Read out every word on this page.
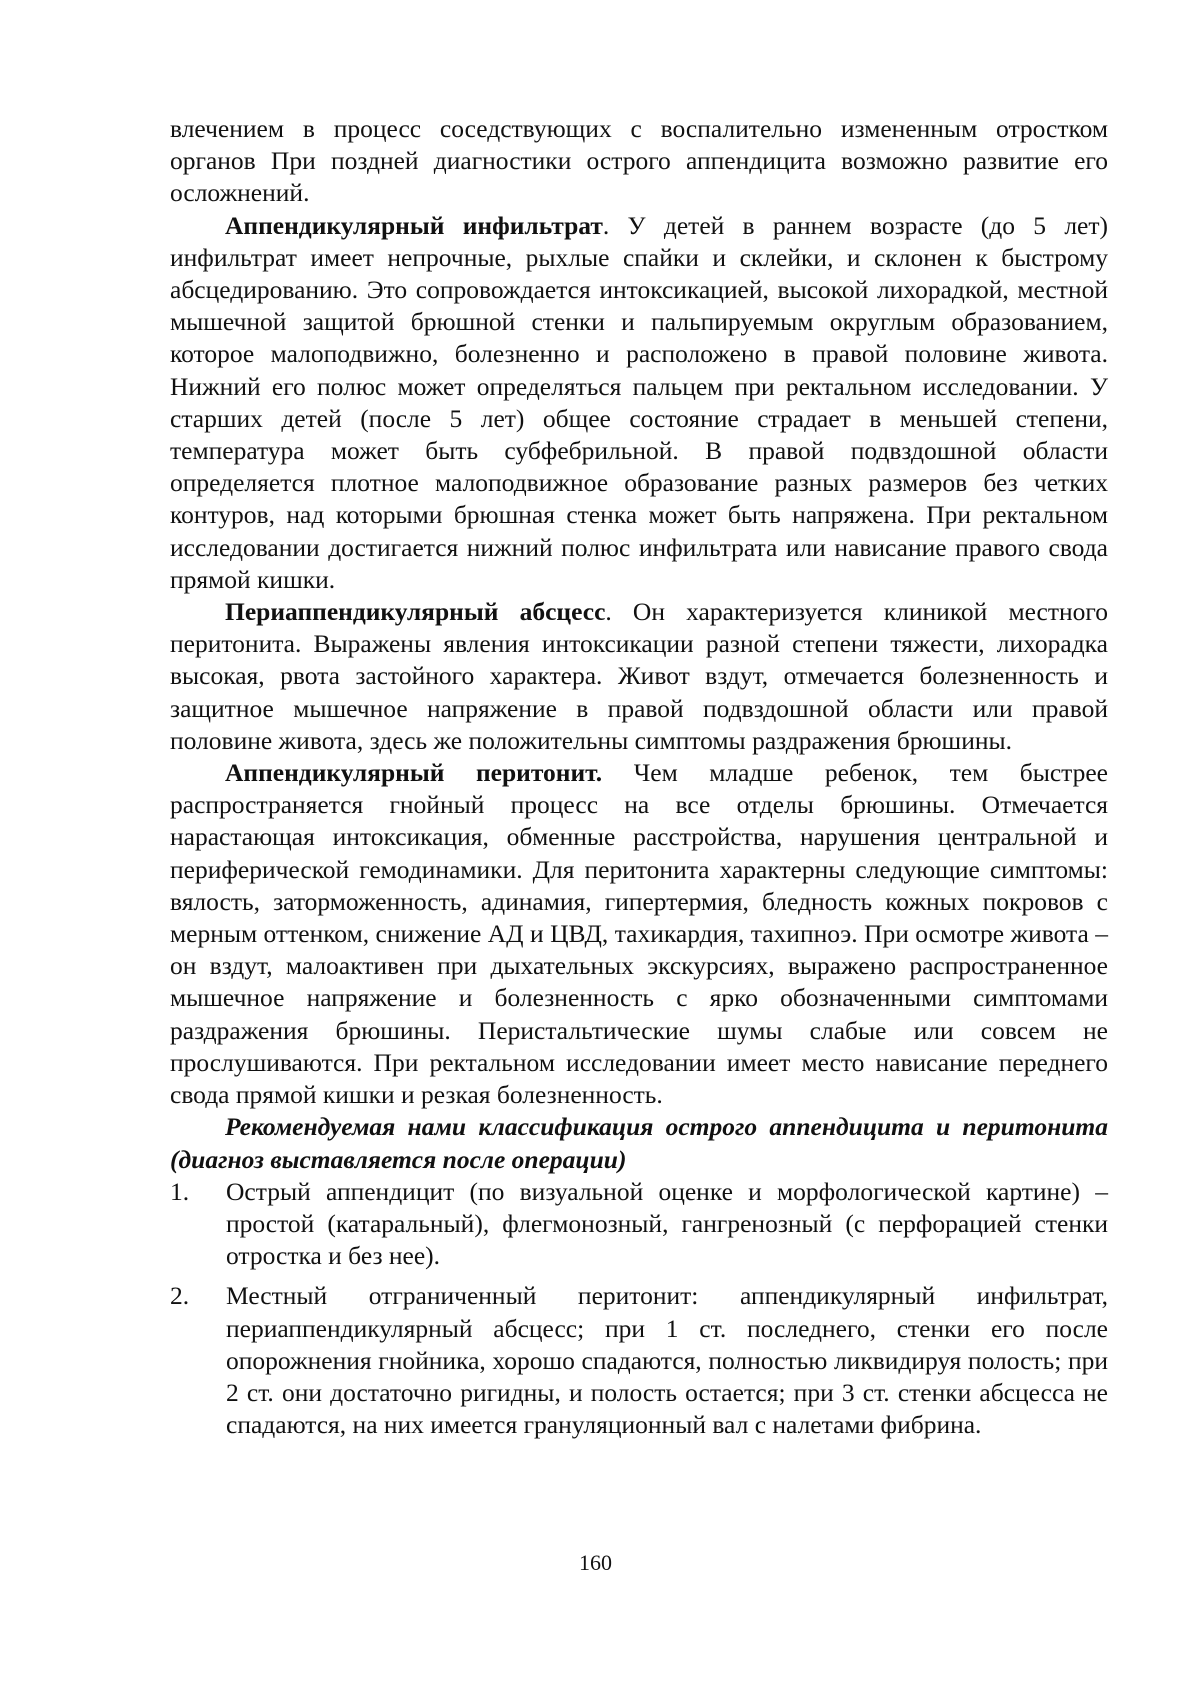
влечением в процесс соседствующих с воспалительно измененным отростком органов При поздней диагностики острого аппендицита возможно развитие его осложнений.

Аппендикулярный инфильтрат. У детей в раннем возрасте (до 5 лет) инфильтрат имеет непрочные, рыхлые спайки и склейки, и склонен к быстрому абсцедированию. Это сопровождается интоксикацией, высокой лихорадкой, местной мышечной защитой брюшной стенки и пальпируемым округлым образованием, которое малоподвижно, болезненно и расположено в правой половине живота. Нижний его полюс может определяться пальцем при ректальном исследовании. У старших детей (после 5 лет) общее состояние страдает в меньшей степени, температура может быть субфебрильной. В правой подвздошной области определяется плотное малоподвижное образование разных размеров без четких контуров, над которыми брюшная стенка может быть напряжена. При ректальном исследовании достигается нижний полюс инфильтрата или нависание правого свода прямой кишки.

Периаппендикулярный абсцесс. Он характеризуется клиникой местного перитонита. Выражены явления интоксикации разной степени тяжести, лихорадка высокая, рвота застойного характера. Живот вздут, отмечается болезненность и защитное мышечное напряжение в правой подвздошной области или правой половине живота, здесь же положительны симптомы раздражения брюшины.

Аппендикулярный перитонит. Чем младше ребенок, тем быстрее распространяется гнойный процесс на все отделы брюшины. Отмечается нарастающая интоксикация, обменные расстройства, нарушения центральной и периферической гемодинамики. Для перитонита характерны следующие симптомы: вялость, заторможенность, адинамия, гипертермия, бледность кожных покровов с мерным оттенком, снижение АД и ЦВД, тахикардия, тахипноэ. При осмотре живота – он вздут, малоактивен при дыхательных экскурсиях, выражено распространенное мышечное напряжение и болезненность с ярко обозначенными симптомами раздражения брюшины. Перистальтические шумы слабые или совсем не прослушиваются. При ректальном исследовании имеет место нависание переднего свода прямой кишки и резкая болезненность.

Рекомендуемая нами классификация острого аппендицита и перитонита (диагноз выставляется после операции)

1. Острый аппендицит (по визуальной оценке и морфологической картине) – простой (катаральный), флегмонозный, гангренозный (с перфорацией стенки отростка и без нее).
2. Местный отграниченный перитонит: аппендикулярный инфильтрат, периаппендикулярный абсцесс; при 1 ст. последнего, стенки его после опорожнения гнойника, хорошо спадаются, полностью ликвидируя полость; при 2 ст. они достаточно ригидны, и полость остается; при 3 ст. стенки абсцесса не спадаются, на них имеется грануляционный вал с налетами фибрина.
160
